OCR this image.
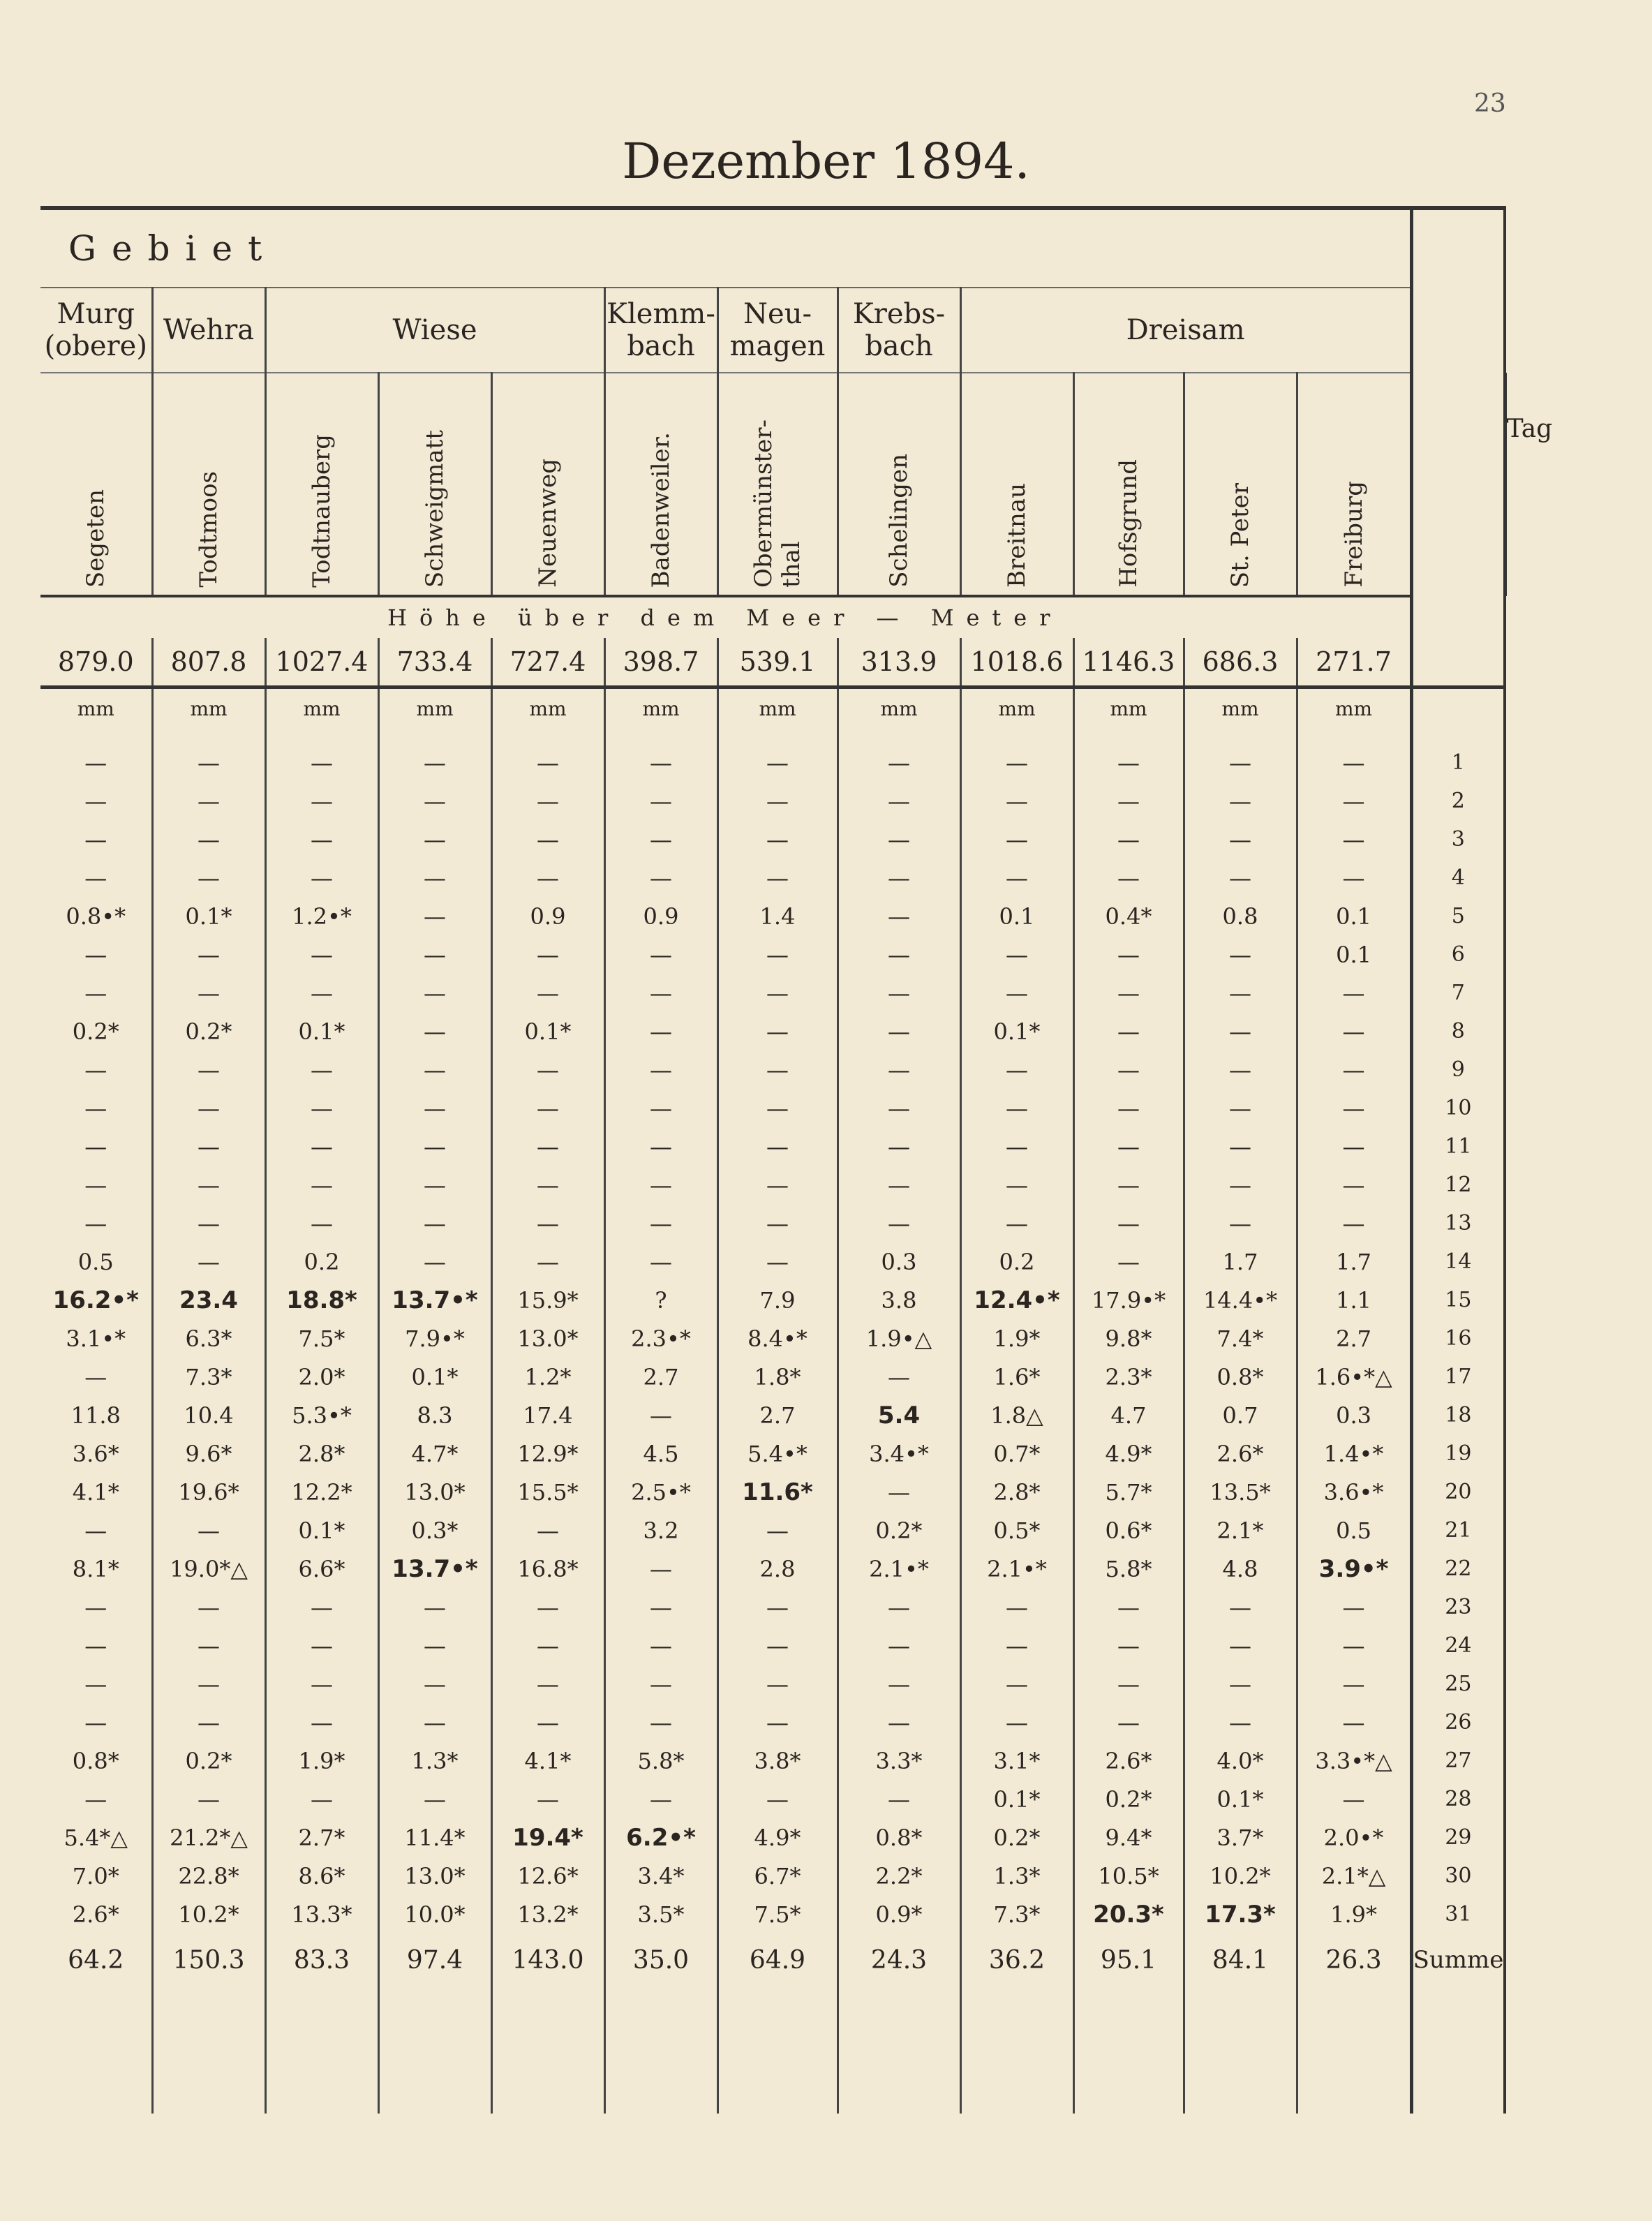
23
Dezember 1894.
Gebiet													
Murg (obere)	Wehra	Wiese			Klemm-bach	Neu-magen	Krebs-bach	Dreisam					

Segeten	Todtmoos	Todtnauberg	Schweigmatt	Neuenweg	Badenweiler.	Obermünster-thal	Schelingen	Breitnau	Hofsgrund	St. Peter	Freiburg		Tag
Höhe über dem Meer — Meter													
879.0	807.8	1027.4	733.4	727.4	398.7	539.1	313.9	1018.6	1146.3	686.3	271.7		
mm	mm	mm	mm	mm	mm	mm	mm	mm	mm	mm	mm		
—	—	—	—	—	—	—	—	—	—	—	—	1	
—	—	—	—	—	—	—	—	—	—	—	—	2	
—	—	—	—	—	—	—	—	—	—	—	—	3	
—	—	—	—	—	—	—	—	—	—	—	—	4	
0.8•*	0.1*	1.2•*	—	0.9	0.9	1.4	—	0.1	0.4*	0.8	0.1	5	
—	—	—	—	—	—	—	—	—	—	—	0.1	6	
—	—	—	—	—	—	—	—	—	—	—	—	7	
0.2*	0.2*	0.1*	—	0.1*	—	—	—	0.1*	—	—	—	8	
—	—	—	—	—	—	—	—	—	—	—	—	9	
—	—	—	—	—	—	—	—	—	—	—	—	10	
—	—	—	—	—	—	—	—	—	—	—	—	11	
—	—	—	—	—	—	—	—	—	—	—	—	12	
—	—	—	—	—	—	—	—	—	—	—	—	13	
0.5	—	0.2	—	—	—	—	0.3	0.2	—	1.7	1.7	14	
16.2•*	23.4	18.8*	13.7•*	15.9*	?	7.9	3.8	12.4•*	17.9•*	14.4•*	1.1	15	
3.1•*	6.3*	7.5*	7.9•*	13.0*	2.3•*	8.4•*	1.9•△	1.9*	9.8*	7.4*	2.7	16	
—	7.3*	2.0*	0.1*	1.2*	2.7	1.8*	—	1.6*	2.3*	0.8*	1.6•*△	17	
11.8	10.4	5.3•*	8.3	17.4	—	2.7	5.4	1.8△	4.7	0.7	0.3	18	
3.6*	9.6*	2.8*	4.7*	12.9*	4.5	5.4•*	3.4•*	0.7*	4.9*	2.6*	1.4•*	19	
4.1*	19.6*	12.2*	13.0*	15.5*	2.5•*	11.6*	—	2.8*	5.7*	13.5*	3.6•*	20	
—	—	0.1*	0.3*	—	3.2	—	0.2*	0.5*	0.6*	2.1*	0.5	21	
8.1*	19.0*△	6.6*	13.7•*	16.8*	—	2.8	2.1•*	2.1•*	5.8*	4.8	3.9•*	22	
—	—	—	—	—	—	—	—	—	—	—	—	23	
—	—	—	—	—	—	—	—	—	—	—	—	24	
—	—	—	—	—	—	—	—	—	—	—	—	25	
—	—	—	—	—	—	—	—	—	—	—	—	26	
0.8*	0.2*	1.9*	1.3*	4.1*	5.8*	3.8*	3.3*	3.1*	2.6*	4.0*	3.3•*△	27	
—	—	—	—	—	—	—	—	0.1*	0.2*	0.1*	—	28	
5.4*△	21.2*△	2.7*	11.4*	19.4*	6.2•*	4.9*	0.8*	0.2*	9.4*	3.7*	2.0•*	29	
7.0*	22.8*	8.6*	13.0*	12.6*	3.4*	6.7*	2.2*	1.3*	10.5*	10.2*	2.1*△	30	
2.6*	10.2*	13.3*	10.0*	13.2*	3.5*	7.5*	0.9*	7.3*	20.3*	17.3*	1.9*	31	
64.2	150.3	83.3	97.4	143.0	35.0	64.9	24.3	36.2	95.1	84.1	26.3	Summe	
